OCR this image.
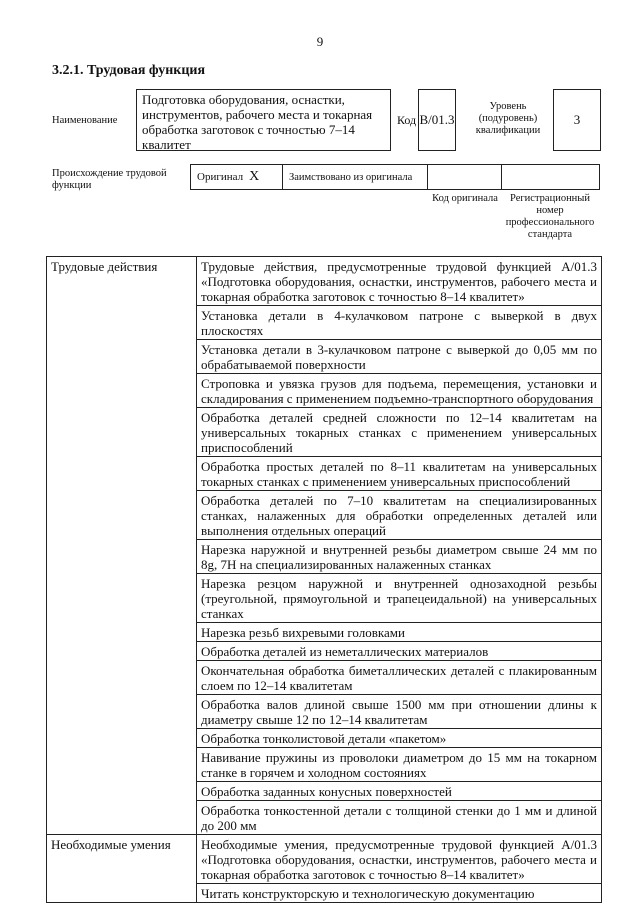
9
3.2.1. Трудовая функция
Наименование
Подготовка оборудования, оснастки, инструментов, рабочего места и токарная обработка заготовок с точностью 7–14 квалитет
Код B/01.3
Уровень (подуровень) квалификации
3
Происхождение трудовой функции
Оригинал X	Заимствовано из оригинала
Код оригинала	Регистрационный номер профессионального стандарта
Трудовые действия	Трудовые действия, предусмотренные трудовой функцией А/01.3 «Подготовка оборудования, оснастки, инструментов, рабочего места и токарная обработка заготовок с точностью 8–14 квалитет»
	Установка детали в 4-кулачковом патроне с выверкой в двух плоскостях
	Установка детали в 3-кулачковом патроне с выверкой до 0,05 мм по обрабатываемой поверхности
	Строповка и увязка грузов для подъема, перемещения, установки и складирования с применением подъемно-транспортного оборудования
	Обработка деталей средней сложности по 12–14 квалитетам на универсальных токарных станках с применением универсальных приспособлений
	Обработка простых деталей по 8–11 квалитетам на универсальных токарных станках с применением универсальных приспособлений
	Обработка деталей по 7–10 квалитетам на специализированных станках, налаженных для обработки определенных деталей или выполнения отдельных операций
	Нарезка наружной и внутренней резьбы диаметром свыше 24 мм по 8g, 7H на специализированных налаженных станках
	Нарезка резцом наружной и внутренней однозаходной резьбы (треугольной, прямоугольной и трапецеидальной) на универсальных станках
	Нарезка резьб вихревыми головками
	Обработка деталей из неметаллических материалов
	Окончательная обработка биметаллических деталей с плакированным слоем по 12–14 квалитетам
	Обработка валов длиной свыше 1500 мм при отношении длины к диаметру свыше 12 по 12–14 квалитетам
	Обработка тонколистовой детали «пакетом»
	Навивание пружины из проволоки диаметром до 15 мм на токарном станке в горячем и холодном состояниях
	Обработка заданных конусных поверхностей
	Обработка тонкостенной детали с толщиной стенки до 1 мм и длиной до 200 мм
Необходимые умения	Необходимые умения, предусмотренные трудовой функцией А/01.3 «Подготовка оборудования, оснастки, инструментов, рабочего места и токарная обработка заготовок с точностью 8–14 квалитет»
	Читать конструкторскую и технологическую документацию
